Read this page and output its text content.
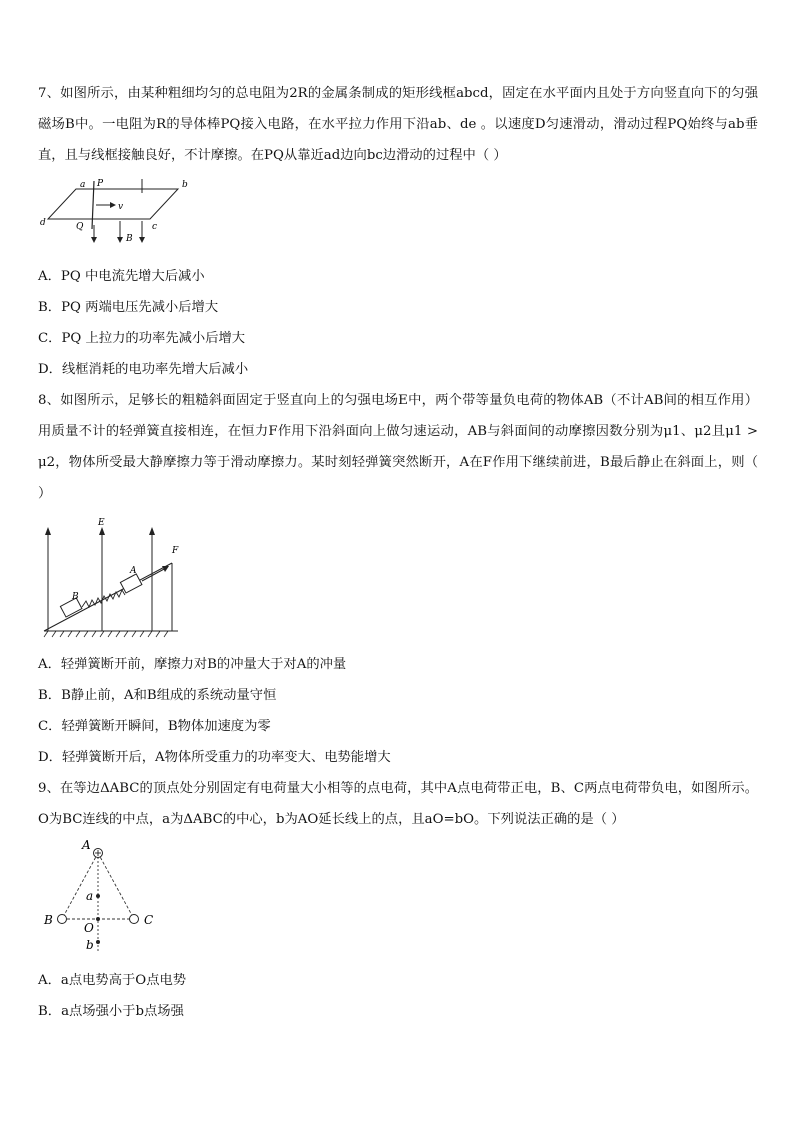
7、如图所示，由某种粗细均匀的总电阻为2R的金属条制成的矩形线框abcd，固定在水平面内且处于方向竖直向下的匀强磁场B中。一电阻为R的导体棒PQ接入电路，在水平拉力作用下沿ab、de 。以速度D匀速滑动，滑动过程PQ始终与ab垂直，且与线框接触良好，不计摩擦。在PQ从靠近ad边向bc边滑动的过程中（ ）

a P	b
c
d	Q
v
B

A．PQ 中电流先增大后减小

B．PQ 两端电压先减小后增大

C．PQ 上拉力的功率先减小后增大

D．线框消耗的电功率先增大后减小

8、如图所示，足够长的粗糙斜面固定于竖直向上的匀强电场E中，两个带等量负电荷的物体AB（不计AB间的相互作用）用质量不计的轻弹簧直接相连，在恒力F作用下沿斜面向上做匀速运动，AB与斜面间的动摩擦因数分别为μ1、μ2且μ1 > μ2，物体所受最大静摩擦力等于滑动摩擦力。某时刻轻弹簧突然断开，A在F作用下继续前进，B最后静止在斜面上，则（ ）

E
F
A
B

A．轻弹簧断开前，摩擦力对B的冲量大于对A的冲量

B．B静止前，A和B组成的系统动量守恒

C．轻弹簧断开瞬间，B物体加速度为零

D．轻弹簧断开后，A物体所受重力的功率变大、电势能增大

9、在等边ΔABC的顶点处分别固定有电荷量大小相等的点电荷，其中A点电荷带正电，B、C两点电荷带负电，如图所示。O为BC连线的中点，a为ΔABC的中心，b为AO延长线上的点，且aO=bO。下列说法正确的是（ ）

A
B	C
O
a
b

A．a点电势高于O点电势

B．a点场强小于b点场强
